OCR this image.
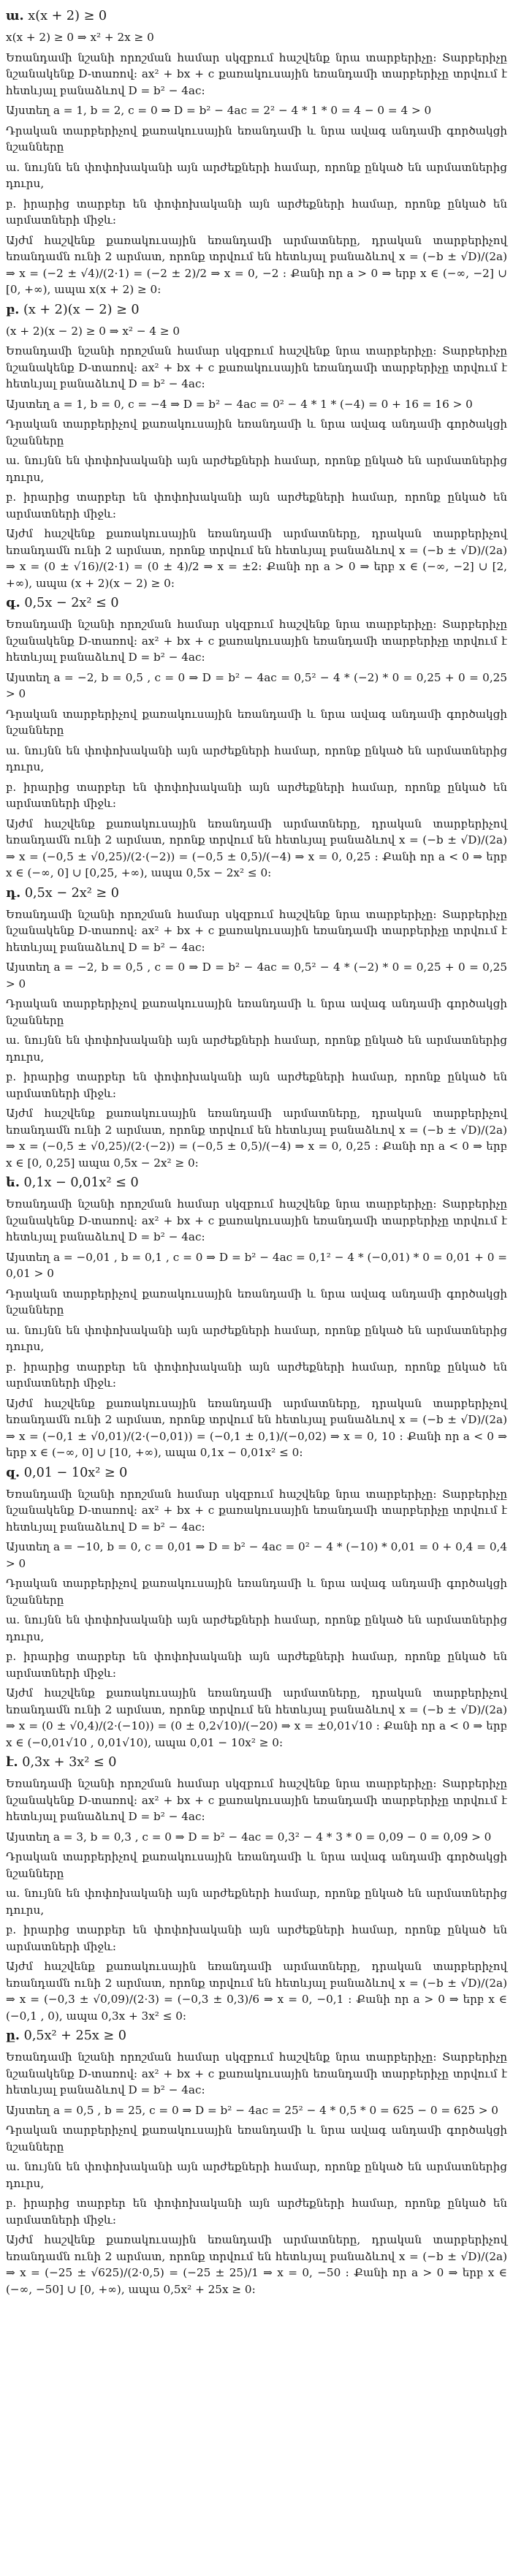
ա. x(x + 2) ≥ 0

x(x + 2) ≥ 0 ⇒ x² + 2x ≥ 0

Եռանդամի նշանի որոշման համար սկզբում հաշվենք նրա տարբերիչը: Տարբերիչը նշանակենք D-տառով: ax² + bx + c քառակուսային եռանդամի տարբերիչը տրվում է հետևյալ բանաձևով D = b² − 4ac:

Այստեղ a = 1, b = 2, c = 0 ⇒ D = b² − 4ac = 2² − 4 * 1 * 0 = 4 − 0 = 4 > 0

Դրական տարբերիչով քառակուսային եռանդամի և նրա ավագ անդամի գործակցի նշանները

ա. նույնն են փոփոխականի այն արժեքների համար, որոնք ընկած են արմատներից դուրս,

բ. իրարից տարբեր են փոփոխականի այն արժեքների համար, որոնք ընկած են արմատների միջև:

Այժմ հաշվենք քառակուսային եռանդամի արմատները, դրական տարբերիչով եռանդամն ունի 2 արմատ, որոնք տրվում են հետևյալ բանաձևով x = (−b ± √D)/(2a) ⇒ x = (−2 ± √4)/(2·1) = (−2 ± 2)/2 ⇒ x = 0, −2 : Քանի որ a > 0 ⇒ երբ x ∈ (−∞, −2] ∪ [0, +∞), ապա x(x + 2) ≥ 0:

բ. (x + 2)(x − 2) ≥ 0

(x + 2)(x − 2) ≥ 0 ⇒ x² − 4 ≥ 0

Եռանդամի նշանի որոշման համար սկզբում հաշվենք նրա տարբերիչը: Տարբերիչը նշանակենք D-տառով: ax² + bx + c քառակուսային եռանդամի տարբերիչը տրվում է հետևյալ բանաձևով D = b² − 4ac:

Այստեղ a = 1, b = 0, c = −4 ⇒ D = b² − 4ac = 0² − 4 * 1 * (−4) = 0 + 16 = 16 > 0

Դրական տարբերիչով քառակուսային եռանդամի և նրա ավագ անդամի գործակցի նշանները

ա. նույնն են փոփոխականի այն արժեքների համար, որոնք ընկած են արմատներից դուրս,

բ. իրարից տարբեր են փոփոխականի այն արժեքների համար, որոնք ընկած են արմատների միջև:

Այժմ հաշվենք քառակուսային եռանդամի արմատները, դրական տարբերիչով եռանդամն ունի 2 արմատ, որոնք տրվում են հետևյալ բանաձևով x = (−b ± √D)/(2a) ⇒ x = (0 ± √16)/(2·1) = (0 ± 4)/2 ⇒ x = ±2: Քանի որ a > 0 ⇒ երբ x ∈ (−∞, −2] ∪ [2, +∞), ապա (x + 2)(x − 2) ≥ 0:

գ. 0,5x − 2x² ≤ 0

Եռանդամի նշանի որոշման համար սկզբում հաշվենք նրա տարբերիչը: Տարբերիչը նշանակենք D-տառով: ax² + bx + c քառակուսային եռանդամի տարբերիչը տրվում է հետևյալ բանաձևով D = b² − 4ac:

Այստեղ a = −2, b = 0,5 , c = 0 ⇒ D = b² − 4ac = 0,5² − 4 * (−2) * 0 = 0,25 + 0 = 0,25 > 0

Դրական տարբերիչով քառակուսային եռանդամի և նրա ավագ անդամի գործակցի նշանները

ա. նույնն են փոփոխականի այն արժեքների համար, որոնք ընկած են արմատներից դուրս,

բ. իրարից տարբեր են փոփոխականի այն արժեքների համար, որոնք ընկած են արմատների միջև:

Այժմ հաշվենք քառակուսային եռանդամի արմատները, դրական տարբերիչով եռանդամն ունի 2 արմատ, որոնք տրվում են հետևյալ բանաձևով x = (−b ± √D)/(2a) ⇒ x = (−0,5 ± √0,25)/(2·(−2)) = (−0,5 ± 0,5)/(−4) ⇒ x = 0, 0,25 : Քանի որ a < 0 ⇒ երբ x ∈ (−∞, 0] ∪ [0,25, +∞), ապա 0,5x − 2x² ≤ 0:

դ. 0,5x − 2x² ≥ 0

Եռանդամի նշանի որոշման համար սկզբում հաշվենք նրա տարբերիչը: Տարբերիչը նշանակենք D-տառով: ax² + bx + c քառակուսային եռանդամի տարբերիչը տրվում է հետևյալ բանաձևով D = b² − 4ac:

Այստեղ a = −2, b = 0,5 , c = 0 ⇒ D = b² − 4ac = 0,5² − 4 * (−2) * 0 = 0,25 + 0 = 0,25 > 0

Դրական տարբերիչով քառակուսային եռանդամի և նրա ավագ անդամի գործակցի նշանները

ա. նույնն են փոփոխականի այն արժեքների համար, որոնք ընկած են արմատներից դուրս,

բ. իրարից տարբեր են փոփոխականի այն արժեքների համար, որոնք ընկած են արմատների միջև:

Այժմ հաշվենք քառակուսային եռանդամի արմատները, դրական տարբերիչով եռանդամն ունի 2 արմատ, որոնք տրվում են հետևյալ բանաձևով x = (−b ± √D)/(2a) ⇒ x = (−0,5 ± √0,25)/(2·(−2)) = (−0,5 ± 0,5)/(−4) ⇒ x = 0, 0,25 : Քանի որ a < 0 ⇒ երբ x ∈ [0, 0,25] ապա 0,5x − 2x² ≥ 0:

ե. 0,1x − 0,01x² ≤ 0

Եռանդամի նշանի որոշման համար սկզբում հաշվենք նրա տարբերիչը: Տարբերիչը նշանակենք D-տառով: ax² + bx + c քառակուսային եռանդամի տարբերիչը տրվում է հետևյալ բանաձևով D = b² − 4ac:

Այստեղ a = −0,01 , b = 0,1 , c = 0 ⇒ D = b² − 4ac = 0,1² − 4 * (−0,01) * 0 = 0,01 + 0 = 0,01 > 0

Դրական տարբերիչով քառակուսային եռանդամի և նրա ավագ անդամի գործակցի նշանները

ա. նույնն են փոփոխականի այն արժեքների համար, որոնք ընկած են արմատներից դուրս,

բ. իրարից տարբեր են փոփոխականի այն արժեքների համար, որոնք ընկած են արմատների միջև:

Այժմ հաշվենք քառակուսային եռանդամի արմատները, դրական տարբերիչով եռանդամն ունի 2 արմատ, որոնք տրվում են հետևյալ բանաձևով x = (−b ± √D)/(2a) ⇒ x = (−0,1 ± √0,01)/(2·(−0,01)) = (−0,1 ± 0,1)/(−0,02) ⇒ x = 0, 10 : Քանի որ a < 0 ⇒ երբ x ∈ (−∞, 0] ∪ [10, +∞), ապա 0,1x − 0,01x² ≤ 0:

զ. 0,01 − 10x² ≥ 0

Եռանդամի նշանի որոշման համար սկզբում հաշվենք նրա տարբերիչը: Տարբերիչը նշանակենք D-տառով: ax² + bx + c քառակուսային եռանդամի տարբերիչը տրվում է հետևյալ բանաձևով D = b² − 4ac:

Այստեղ a = −10, b = 0, c = 0,01 ⇒ D = b² − 4ac = 0² − 4 * (−10) * 0,01 = 0 + 0,4 = 0,4 > 0

Դրական տարբերիչով քառակուսային եռանդամի և նրա ավագ անդամի գործակցի նշանները

ա. նույնն են փոփոխականի այն արժեքների համար, որոնք ընկած են արմատներից դուրս,

բ. իրարից տարբեր են փոփոխականի այն արժեքների համար, որոնք ընկած են արմատների միջև:

Այժմ հաշվենք քառակուսային եռանդամի արմատները, դրական տարբերիչով եռանդամն ունի 2 արմատ, որոնք տրվում են հետևյալ բանաձևով x = (−b ± √D)/(2a) ⇒ x = (0 ± √0,4)/(2·(−10)) = (0 ± 0,2√10)/(−20) ⇒ x = ±0,01√10 : Քանի որ a < 0 ⇒ երբ x ∈ (−0,01√10 , 0,01√10), ապա 0,01 − 10x² ≥ 0:

է. 0,3x + 3x² ≤ 0

Եռանդամի նշանի որոշման համար սկզբում հաշվենք նրա տարբերիչը: Տարբերիչը նշանակենք D-տառով: ax² + bx + c քառակուսային եռանդամի տարբերիչը տրվում է հետևյալ բանաձևով D = b² − 4ac:

Այստեղ a = 3, b = 0,3 , c = 0 ⇒ D = b² − 4ac = 0,3² − 4 * 3 * 0 = 0,09 − 0 = 0,09 > 0

Դրական տարբերիչով քառակուսային եռանդամի և նրա ավագ անդամի գործակցի նշանները

ա. նույնն են փոփոխականի այն արժեքների համար, որոնք ընկած են արմատներից դուրս,

բ. իրարից տարբեր են փոփոխականի այն արժեքների համար, որոնք ընկած են արմատների միջև:

Այժմ հաշվենք քառակուսային եռանդամի արմատները, դրական տարբերիչով եռանդամն ունի 2 արմատ, որոնք տրվում են հետևյալ բանաձևով x = (−b ± √D)/(2a) ⇒ x = (−0,3 ± √0,09)/(2·3) = (−0,3 ± 0,3)/6 ⇒ x = 0, −0,1 : Քանի որ a > 0 ⇒ երբ x ∈ (−0,1 , 0), ապա 0,3x + 3x² ≤ 0:

ը. 0,5x² + 25x ≥ 0

Եռանդամի նշանի որոշման համար սկզբում հաշվենք նրա տարբերիչը: Տարբերիչը նշանակենք D-տառով: ax² + bx + c քառակուսային եռանդամի տարբերիչը տրվում է հետևյալ բանաձևով D = b² − 4ac:

Այստեղ a = 0,5 , b = 25, c = 0 ⇒ D = b² − 4ac = 25² − 4 * 0,5 * 0 = 625 − 0 = 625 > 0

Դրական տարբերիչով քառակուսային եռանդամի և նրա ավագ անդամի գործակցի նշանները

ա. նույնն են փոփոխականի այն արժեքների համար, որոնք ընկած են արմատներից դուրս,

բ. իրարից տարբեր են փոփոխականի այն արժեքների համար, որոնք ընկած են արմատների միջև:

Այժմ հաշվենք քառակուսային եռանդամի արմատները, դրական տարբերիչով եռանդամն ունի 2 արմատ, որոնք տրվում են հետևյալ բանաձևով x = (−b ± √D)/(2a) ⇒ x = (−25 ± √625)/(2·0,5) = (−25 ± 25)/1 ⇒ x = 0, −50 : Քանի որ a > 0 ⇒ երբ x ∈ (−∞, −50] ∪ [0, +∞), ապա 0,5x² + 25x ≥ 0:
